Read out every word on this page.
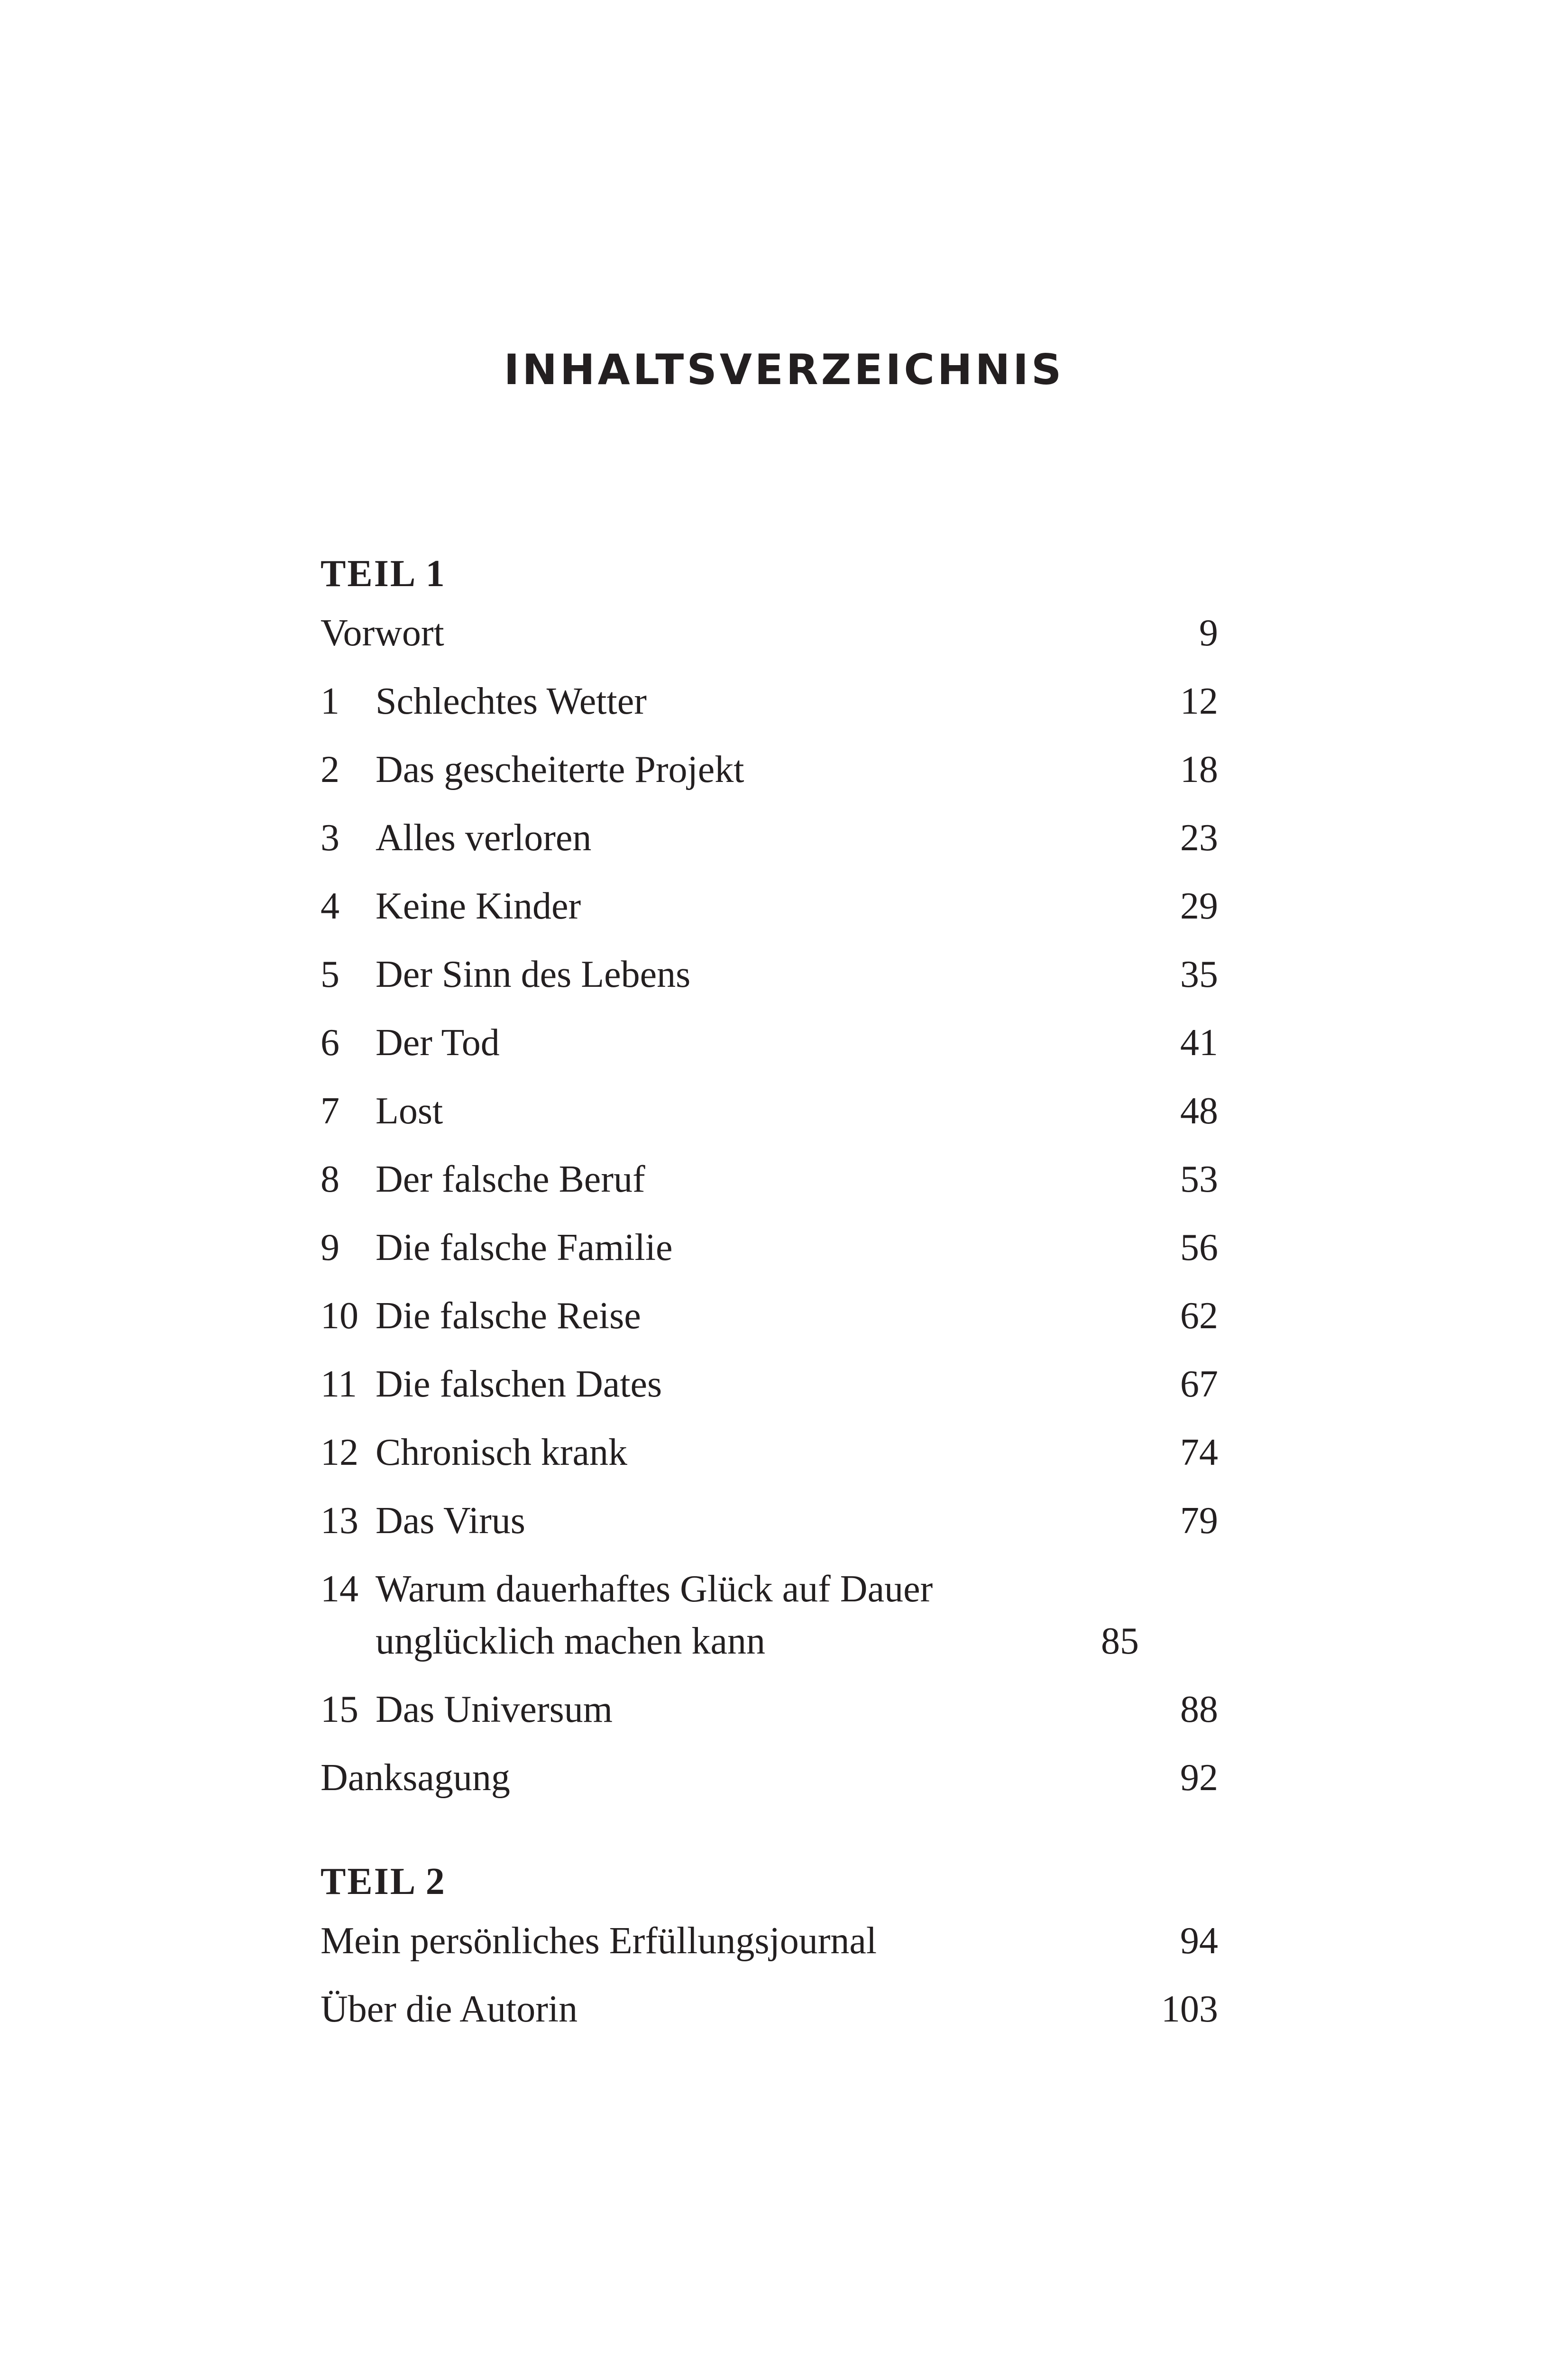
INHALTSVERZEICHNIS
TEIL 1
Vorwort	9
1 Schlechtes Wetter	12
2 Das gescheiterte Projekt	18
3 Alles verloren	23
4 Keine Kinder	29
5 Der Sinn des Lebens	35
6 Der Tod	41
7 Lost	48
8 Der falsche Beruf	53
9 Die falsche Familie	56
10 Die falsche Reise	62
11 Die falschen Dates	67
12 Chronisch krank	74
13 Das Virus	79
14 Warum dauerhaftes Glück auf Dauer unglücklich machen kann	85
15 Das Universum	88
Danksagung	92
TEIL 2
Mein persönliches Erfüllungsjournal	94
Über die Autorin	103
